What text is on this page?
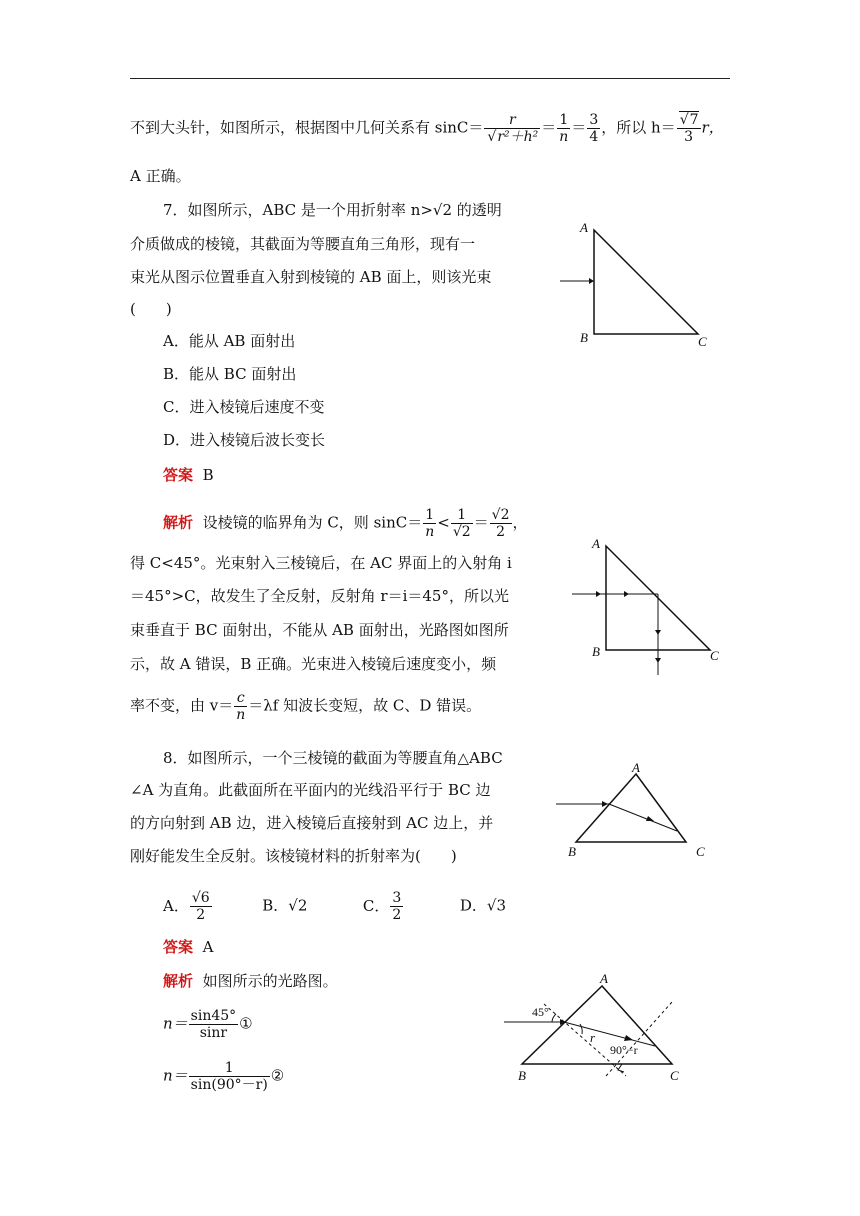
不到大头针，如图所示，根据图中几何关系有 sinC＝ r
√ $r^2+h^2 = \frac{1}{n} = \frac{3}{4}$ ，所以 h＝
√ $\frac{7}{3}$ r，
A 正确。
7．如图所示，ABC 是一个用折射率 n>√2 的透明
介质做成的棱镜，其截面为等腰直角三角形，现有一
束光从图示位置垂直入射到棱镜的 AB 面上，则该光束
(　　)
A．能从 AB 面射出
B．能从 BC 面射出
C．进入棱镜后速度不变
D．进入棱镜后波长变长
答案 B
解析 设棱镜的临界角为 C，则 $\sin C= \frac{1}{n} < \frac{1}{√2} = \frac{√2}{2}$ ，
得 C<45°。光束射入三棱镜后，在 AC 界面上的入射角 i
＝45°>C，故发生了全反射，反射角 r＝i＝45°，所以光
束垂直于 BC 面射出，不能从 AB 面射出，光路图如图所
示，故 A 错误，B 正确。光束进入棱镜后速度变小，频
率不变，由 $v= \frac{c}{n} =\lambda f$ 知波长变短，故 C、D 错误。
A
B	C
A
B	C
8．如图所示，一个三棱镜的截面为等腰直角△ABC
∠A 为直角。此截面所在平面内的光线沿平行于 BC 边
的方向射到 AB 边，进入棱镜后直接射到 AC 边上，并
刚好能发生全反射。该棱镜材料的折射率为(　　)
A． $\frac{√6}{2}$	B．√2	C． $\frac{3}{2}$	D．√3
答案 A
解析 如图所示的光路图。
$n= \frac{\sin 45^\circ}{\sin r}$ ①
$n= \frac{1}{\sin(90^\circ-r)}$ ②
A
B	C
A
B	C
45°
r
90°−r
